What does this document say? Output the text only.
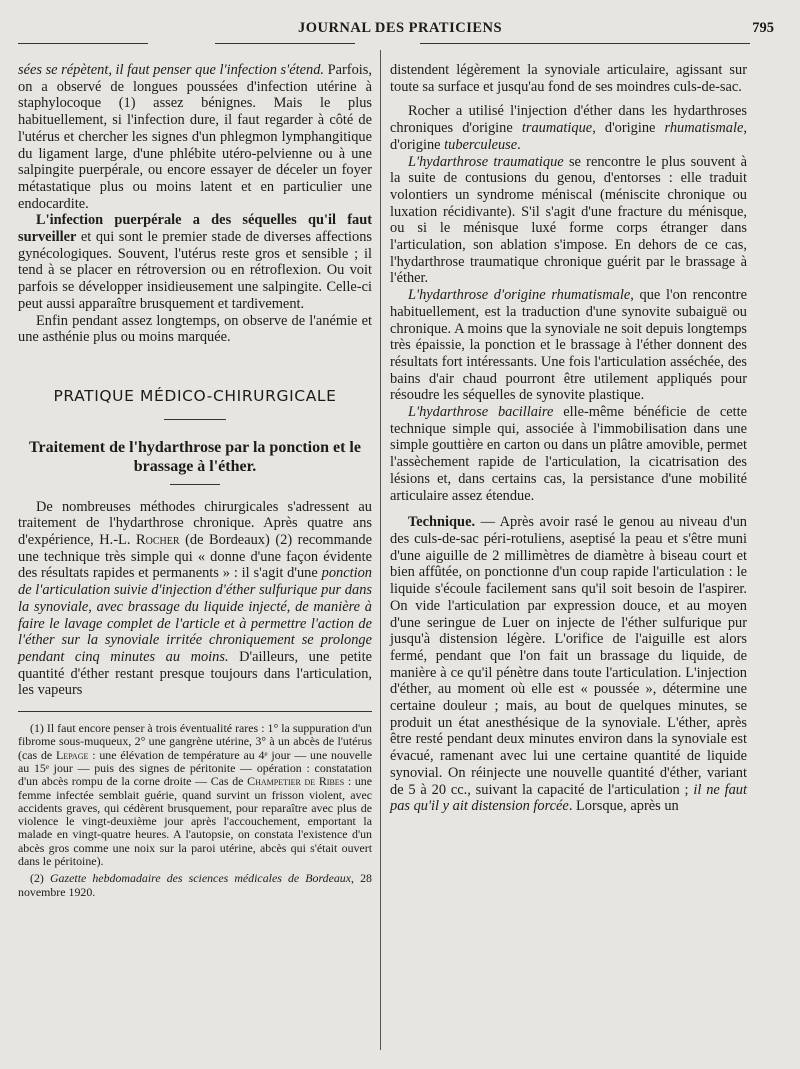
JOURNAL DES PRATICIENS	795

sées se répètent, il faut penser que l'infection s'étend. Parfois, on a observé de longues poussées d'infection utérine à staphylocoque (1) assez bénignes. Mais le plus habituellement, si l'infection dure, il faut regarder à côté de l'utérus et chercher les signes d'un phlegmon lymphangitique du ligament large, d'une phlébite utéro-pelvienne ou à une salpingite puerpérale, ou encore essayer de déceler un foyer métastatique plus ou moins latent et en particulier une endocardite.

L'infection puerpérale a des séquelles qu'il faut surveiller et qui sont le premier stade de diverses affections gynécologiques. Souvent, l'utérus reste gros et sensible ; il tend à se placer en rétroversion ou en rétroflexion. Ou voit parfois se développer insidieusement une salpingite. Celle-ci peut aussi apparaître brusquement et tardivement.

Enfin pendant assez longtemps, on observe de l'anémie et une asthénie plus ou moins marquée.

PRATIQUE MÉDICO-CHIRURGICALE

Traitement de l'hydarthrose par la ponction et le brassage à l'éther.

De nombreuses méthodes chirurgicales s'adressent au traitement de l'hydarthrose chronique. Après quatre ans d'expérience, H.-L. Rocher (de Bordeaux) (2) recommande une technique très simple qui « donne d'une façon évidente des résultats rapides et permanents » : il s'agit d'une ponction de l'articulation suivie d'injection d'éther sulfurique pur dans la synoviale, avec brassage du liquide injecté, de manière à faire le lavage complet de l'article et à permettre l'action de l'éther sur la synoviale irritée chroniquement se prolonge pendant cinq minutes au moins. D'ailleurs, une petite quantité d'éther restant presque toujours dans l'articulation, les vapeurs

(1) Il faut encore penser à trois éventualité rares : 1° la suppuration d'un fibrome sous-muqueux, 2° une gangrène utérine, 3° à un abcès de l'utérus (cas de Lepage : une élévation de température au 4ᵉ jour — une nouvelle au 15ᵉ jour — puis des signes de péritonite — opération : constatation d'un abcès rompu de la corne droite — Cas de Champetier de Ribes : une femme infectée semblait guérie, quand survint un frisson violent, avec accidents graves, qui cédèrent brusquement, pour reparaître avec plus de violence le vingt-deuxième jour après l'accouchement, emportant la malade en vingt-quatre heures. A l'autopsie, on constata l'existence d'un abcès gros comme une noix sur la paroi utérine, abcès qui s'était ouvert dans le péritoine).

(2) Gazette hebdomadaire des sciences médicales de Bordeaux, 28 novembre 1920.

distendent légèrement la synoviale articulaire, agissant sur toute sa surface et jusqu'au fond de ses moindres culs-de-sac.

Rocher a utilisé l'injection d'éther dans les hydarthroses chroniques d'origine traumatique, d'origine rhumatismale, d'origine tuberculeuse.

L'hydarthrose traumatique se rencontre le plus souvent à la suite de contusions du genou, d'entorses : elle traduit volontiers un syndrome méniscal (méniscite chronique ou luxation récidivante). S'il s'agit d'une fracture du ménisque, ou si le ménisque luxé forme corps étranger dans l'articulation, son ablation s'impose. En dehors de ce cas, l'hydarthrose traumatique chronique guérit par le brassage à l'éther.

L'hydarthrose d'origine rhumatismale, que l'on rencontre habituellement, est la traduction d'une synovite subaiguë ou chronique. A moins que la synoviale ne soit depuis longtemps très épaissie, la ponction et le brassage à l'éther donnent des résultats fort intéressants. Une fois l'articulation asséchée, des bains d'air chaud pourront être utilement appliqués pour résoudre les séquelles de synovite plastique.

L'hydarthrose bacillaire elle-même bénéficie de cette technique simple qui, associée à l'immobilisation dans une simple gouttière en carton ou dans un plâtre amovible, permet l'assèchement rapide de l'articulation, la cicatrisation des lésions et, dans certains cas, la persistance d'une mobilité articulaire assez étendue.

Technique. — Après avoir rasé le genou au niveau d'un des culs-de-sac péri-rotuliens, aseptisé la peau et s'être muni d'une aiguille de 2 millimètres de diamètre à biseau court et bien affûtée, on ponctionne d'un coup rapide l'articulation : le liquide s'écoule facilement sans qu'il soit besoin de l'aspirer. On vide l'articulation par expression douce, et au moyen d'une seringue de Luer on injecte de l'éther sulfurique pur jusqu'à distension légère. L'orifice de l'aiguille est alors fermé, pendant que l'on fait un brassage du liquide, de manière à ce qu'il pénètre dans toute l'articulation. L'injection d'éther, au moment où elle est « poussée », détermine une certaine douleur ; mais, au bout de quelques minutes, se produit un état anesthésique de la synoviale. L'éther, après être resté pendant deux minutes environ dans la synoviale est évacué, ramenant avec lui une certaine quantité de liquide synovial. On réinjecte une nouvelle quantité d'éther, variant de 5 à 20 cc., suivant la capacité de l'articulation ; il ne faut pas qu'il y ait distension forcée. Lorsque, après un
